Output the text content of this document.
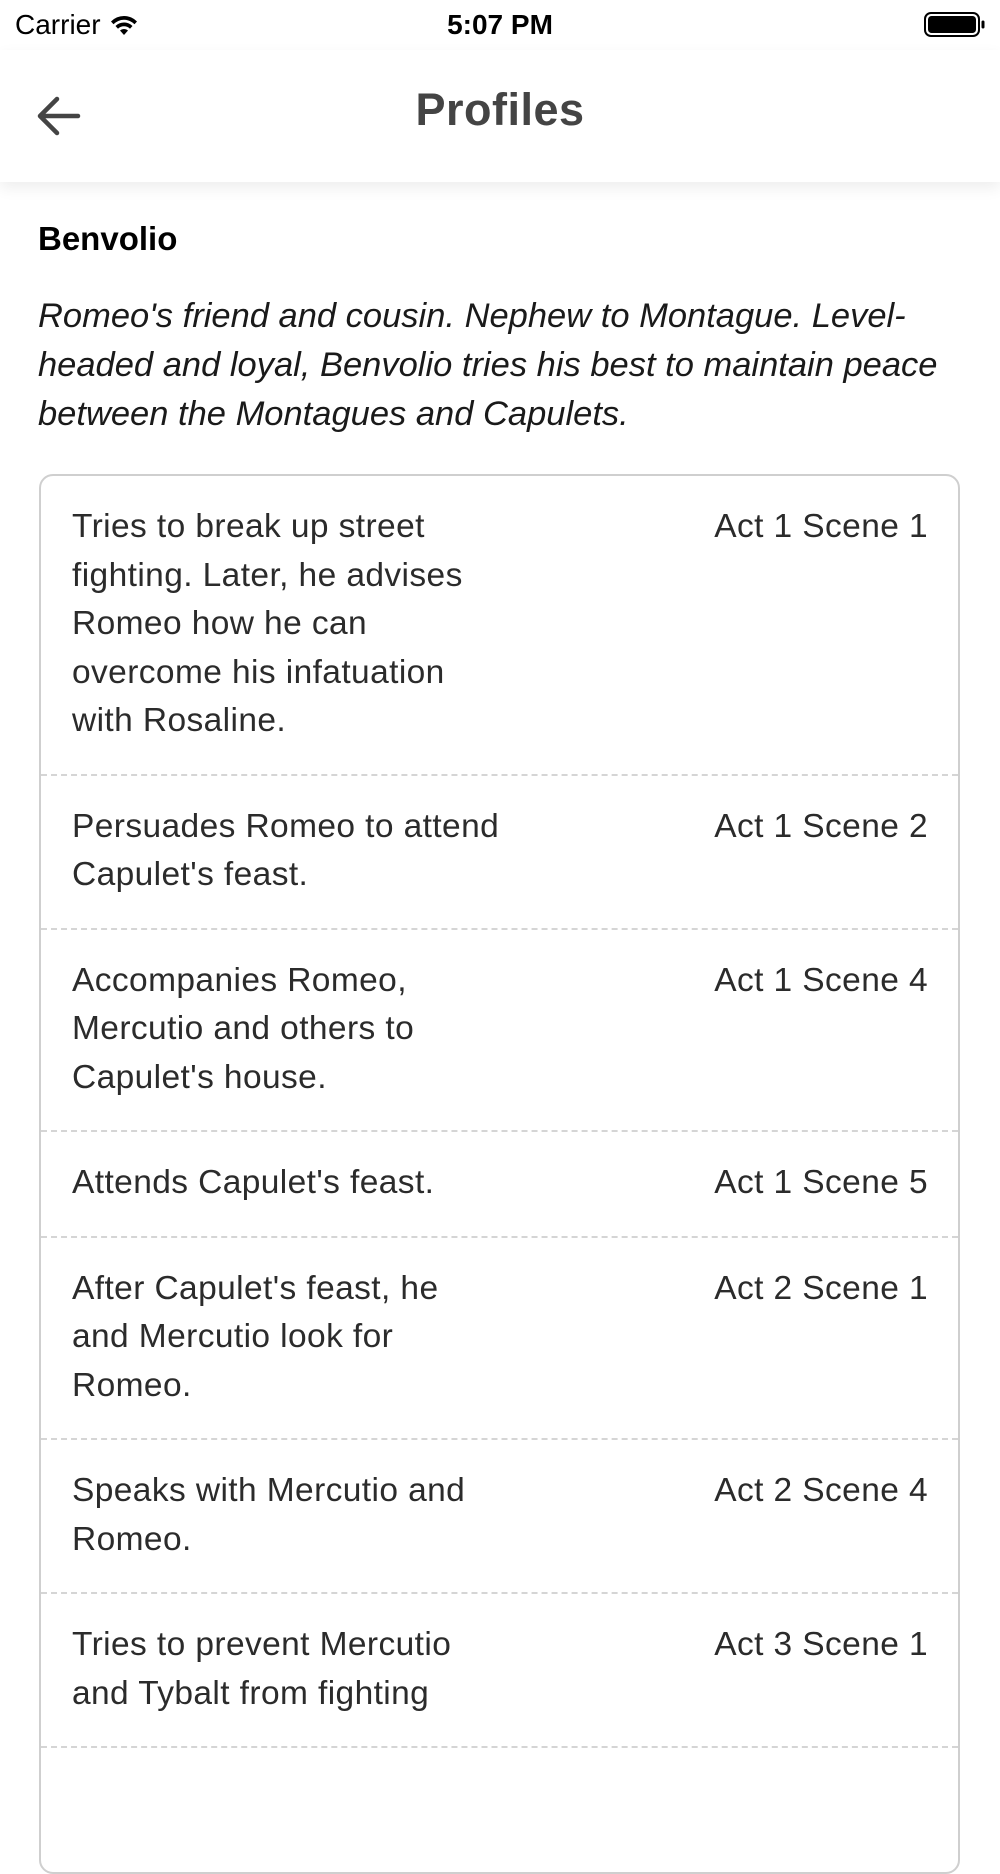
Carrier	5:07 PM
Profiles
Benvolio
Romeo's friend and cousin. Nephew to Montague. Level-headed and loyal, Benvolio tries his best to maintain peace between the Montagues and Capulets.
Tries to break up street fighting. Later, he advises Romeo how he can overcome his infatuation with Rosaline.
Act 1 Scene 1
Persuades Romeo to attend Capulet's feast.
Act 1 Scene 2
Accompanies Romeo, Mercutio and others to Capulet's house.
Act 1 Scene 4
Attends Capulet's feast.	Act 1 Scene 5
After Capulet's feast, he and Mercutio look for Romeo.
Act 2 Scene 1
Speaks with Mercutio and Romeo.
Act 2 Scene 4
Tries to prevent Mercutio and Tybalt from fighting
Act 3 Scene 1
